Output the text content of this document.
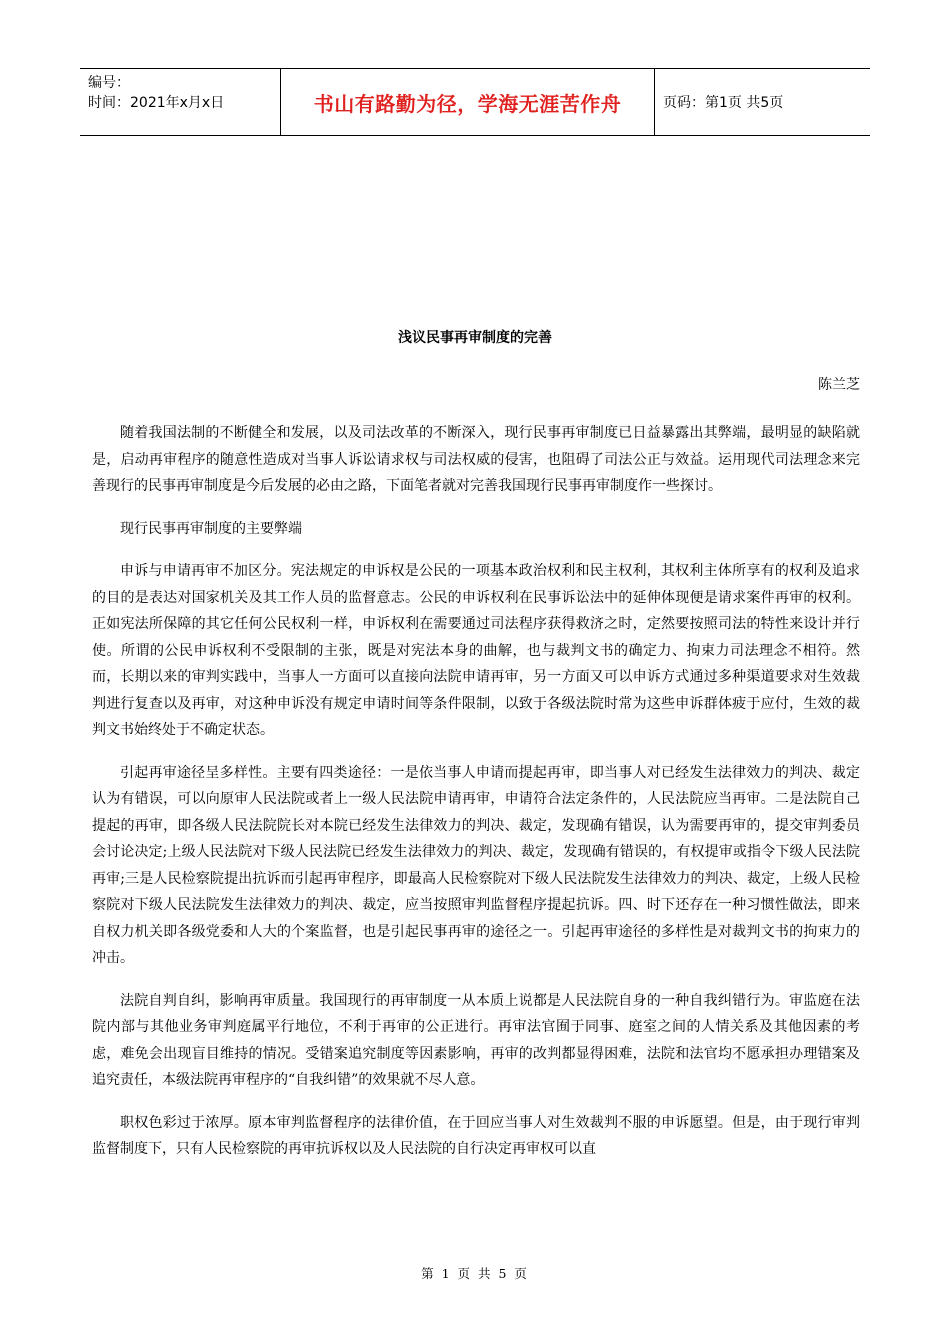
编号：
时间：2021年x月x日	书山有路勤为径，学海无涯苦作舟	页码：第1页 共5页
浅议民事再审制度的完善
陈兰芝

随着我国法制的不断健全和发展，以及司法改革的不断深入，现行民事再审制度已日益暴露出其弊端，最明显的缺陷就是，启动再审程序的随意性造成对当事人诉讼请求权与司法权威的侵害，也阻碍了司法公正与效益。运用现代司法理念来完善现行的民事再审制度是今后发展的必由之路，下面笔者就对完善我国现行民事再审制度作一些探讨。

现行民事再审制度的主要弊端

申诉与申请再审不加区分。宪法规定的申诉权是公民的一项基本政治权利和民主权利，其权利主体所享有的权利及追求的目的是表达对国家机关及其工作人员的监督意志。公民的申诉权利在民事诉讼法中的延伸体现便是请求案件再审的权利。正如宪法所保障的其它任何公民权利一样，申诉权利在需要通过司法程序获得救济之时，定然要按照司法的特性来设计并行使。所谓的公民申诉权利不受限制的主张，既是对宪法本身的曲解，也与裁判文书的确定力、拘束力司法理念不相符。然而，长期以来的审判实践中，当事人一方面可以直接向法院申请再审，另一方面又可以申诉方式通过多种渠道要求对生效裁判进行复查以及再审，对这种申诉没有规定申请时间等条件限制，以致于各级法院时常为这些申诉群体疲于应付，生效的裁判文书始终处于不确定状态。

引起再审途径呈多样性。主要有四类途径：一是依当事人申请而提起再审，即当事人对已经发生法律效力的判决、裁定认为有错误，可以向原审人民法院或者上一级人民法院申请再审，申请符合法定条件的，人民法院应当再审。二是法院自己提起的再审，即各级人民法院院长对本院已经发生法律效力的判决、裁定，发现确有错误，认为需要再审的，提交审判委员会讨论决定;上级人民法院对下级人民法院已经发生法律效力的判决、裁定，发现确有错误的，有权提审或指令下级人民法院再审;三是人民检察院提出抗诉而引起再审程序，即最高人民检察院对下级人民法院发生法律效力的判决、裁定，上级人民检察院对下级人民法院发生法律效力的判决、裁定，应当按照审判监督程序提起抗诉。四、时下还存在一种习惯性做法，即来自权力机关即各级党委和人大的个案监督，也是引起民事再审的途径之一。引起再审途径的多样性是对裁判文书的拘束力的冲击。

法院自判自纠，影响再审质量。我国现行的再审制度一从本质上说都是人民法院自身的一种自我纠错行为。审监庭在法院内部与其他业务审判庭属平行地位，不利于再审的公正进行。再审法官囿于同事、庭室之间的人情关系及其他因素的考虑，难免会出现盲目维持的情况。受错案追究制度等因素影响，再审的改判都显得困难，法院和法官均不愿承担办理错案及追究责任，本级法院再审程序的“自我纠错”的效果就不尽人意。

职权色彩过于浓厚。原本审判监督程序的法律价值，在于回应当事人对生效裁判不服的申诉愿望。但是，由于现行审判监督制度下，只有人民检察院的再审抗诉权以及人民法院的自行决定再审权可以直

第 1 页 共 5 页
